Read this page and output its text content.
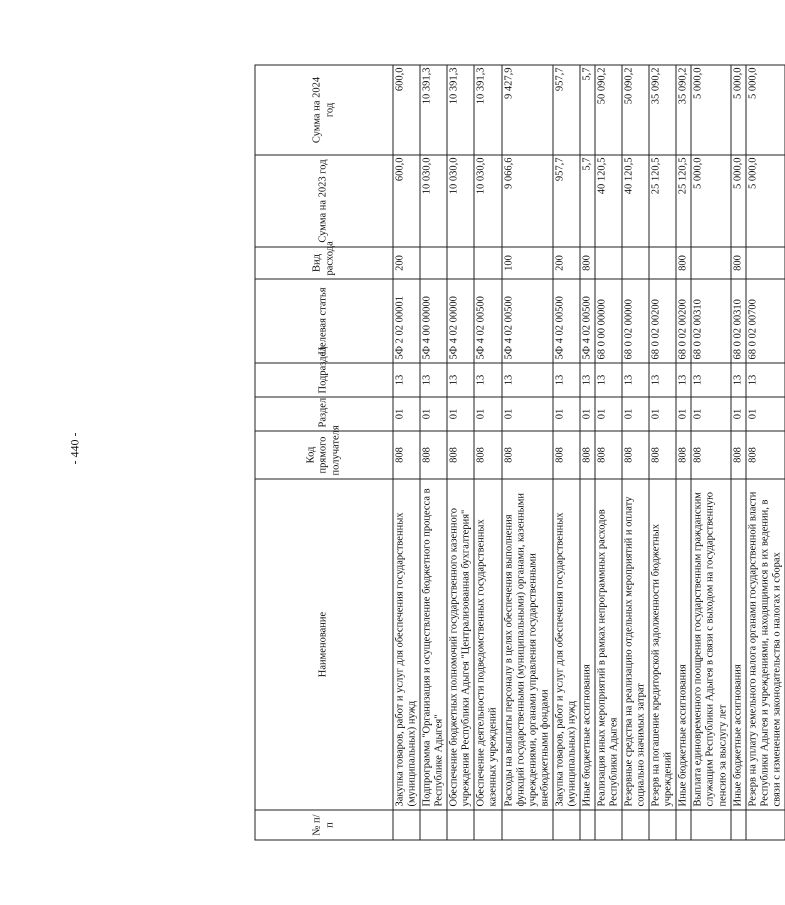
- 440 -
№ п/п	Наименование	Код прямого получателя	Раздел	Подраздел	Целевая статья	Вид расхода	Сумма на 2023 год	Сумма на 2024 год
	Закупка товаров, работ и услуг для обеспечения государственных (муниципальных) нужд	808	01	13	5Ф 2 02 00001	200	600,0	600,0
	Подпрограмма "Организация и осуществление бюджетного процесса в Республике Адыгея"	808	01	13	5Ф 4 00 00000		10 030,0	10 391,3
	Обеспечение бюджетных полномочий государственного казенного учреждения Республики Адыгея "Централизованная бухгалтерия"	808	01	13	5Ф 4 02 00000		10 030,0	10 391,3
	Обеспечение деятельности подведомственных государственных казенных учреждений	808	01	13	5Ф 4 02 00500		10 030,0	10 391,3
	Расходы на выплаты персоналу в целях обеспечения выполнения функций государственными (муниципальными) органами, казенными учреждениями, органами управления государственными внебюджетными фондами	808	01	13	5Ф 4 02 00500	100	9 066,6	9 427,9
	Закупка товаров, работ и услуг для обеспечения государственных (муниципальных) нужд	808	01	13	5Ф 4 02 00500	200	957,7	957,7
	Иные бюджетные ассигнования	808	01	13	5Ф 4 02 00500	800	5,7	5,7
	Реализация иных мероприятий в рамках непрограммных расходов Республики Адыгея	808	01	13	68 0 00 00000		40 120,5	50 090,2
	Резервные средства на реализацию отдельных мероприятий и оплату социально значимых затрат	808	01	13	68 0 02 00000		40 120,5	50 090,2
	Резерв на погашение кредиторской задолженности бюджетных учреждений	808	01	13	68 0 02 00200		25 120,5	35 090,2
	Иные бюджетные ассигнования	808	01	13	68 0 02 00200	800	25 120,5	35 090,2
	Выплата единовременного поощрения государственным гражданским служащим Республики Адыгея в связи с выходом на государственную пенсию за выслугу лет	808	01	13	68 0 02 00310		5 000,0	5 000,0
	Иные бюджетные ассигнования	808	01	13	68 0 02 00310	800	5 000,0	5 000,0
	Резерв на уплату земельного налога органами государственной власти Республики Адыгея и учреждениями, находящимися в их ведении, в связи с изменением законодательства о налогах и сборах	808	01	13	68 0 02 00700		5 000,0	5 000,0
